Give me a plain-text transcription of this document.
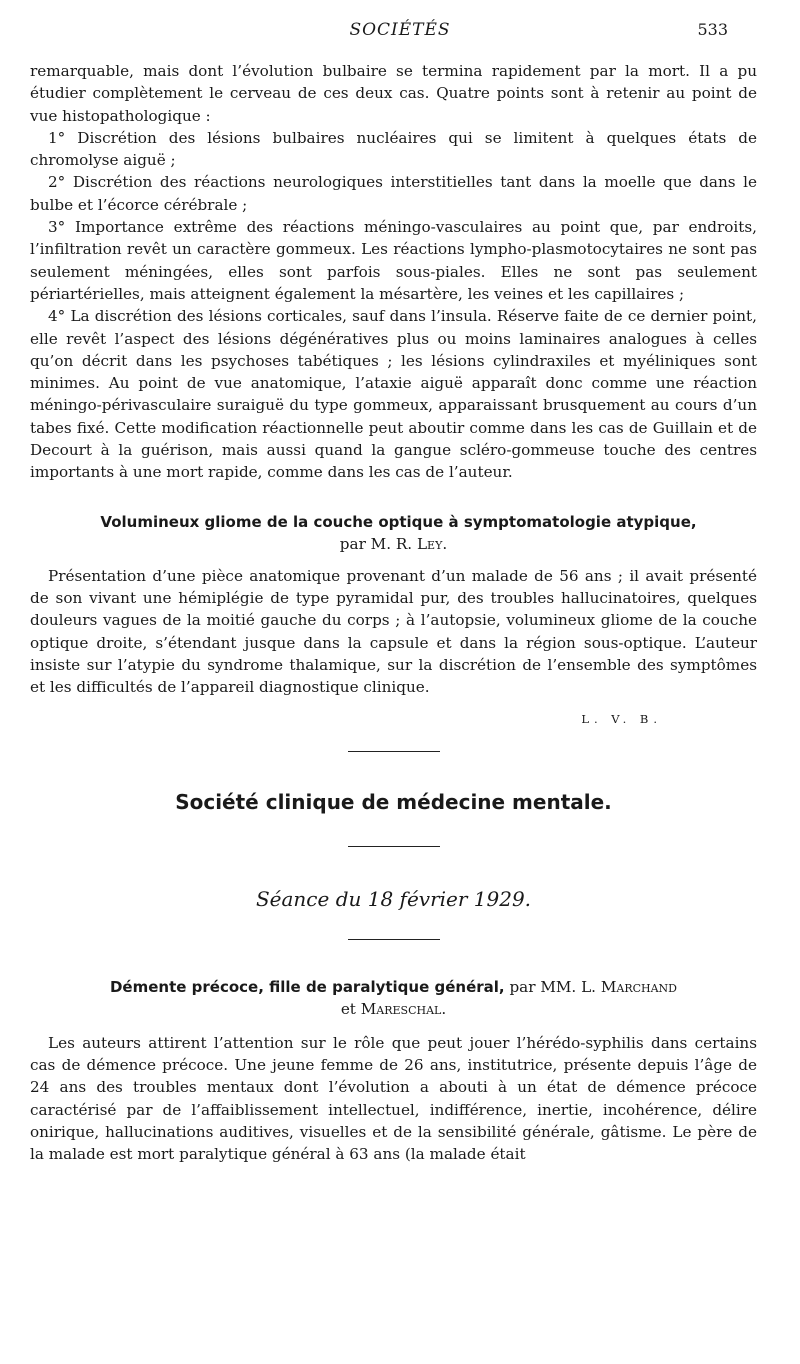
SOCIÉTÉS	533

remarquable, mais dont l’évolution bulbaire se termina rapidement par la mort. Il a pu étudier complètement le cerveau de ces deux cas. Quatre points sont à retenir au point de vue histopathologique :

1° Discrétion des lésions bulbaires nucléaires qui se limitent à quelques états de chromolyse aiguë ;

2° Discrétion des réactions neurologiques interstitielles tant dans la moelle que dans le bulbe et l’écorce cérébrale ;

3° Importance extrême des réactions méningo-vasculaires au point que, par endroits, l’infiltration revêt un caractère gommeux. Les réactions lympho-plasmotocytaires ne sont pas seulement méningées, elles sont parfois sous-piales. Elles ne sont pas seulement périartérielles, mais atteignent également la mésartère, les veines et les capillaires ;

4° La discrétion des lésions corticales, sauf dans l’insula. Réserve faite de ce dernier point, elle revêt l’aspect des lésions dégénératives plus ou moins laminaires analogues à celles qu’on décrit dans les psychoses tabétiques ; les lésions cylindraxiles et myéliniques sont minimes. Au point de vue anatomique, l’ataxie aiguë apparaît donc comme une réaction méningo-périvasculaire suraiguë du type gommeux, apparaissant brusquement au cours d’un tabes fixé. Cette modification réactionnelle peut aboutir comme dans les cas de Guillain et de Decourt à la guérison, mais aussi quand la gangue scléro-gommeuse touche des centres importants à une mort rapide, comme dans les cas de l’auteur.

Volumineux gliome de la couche optique à symptomatologie atypique,
par M. R. Ley.

Présentation d’une pièce anatomique provenant d’un malade de 56 ans ; il avait présenté de son vivant une hémiplégie de type pyramidal pur, des troubles hallucinatoires, quelques douleurs vagues de la moitié gauche du corps ; à l’autopsie, volumineux gliome de la couche optique droite, s’étendant jusque dans la capsule et dans la région sous-optique. L’auteur insiste sur l’atypie du syndrome thalamique, sur la discrétion de l’ensemble des symptômes et les difficultés de l’appareil diagnostique clinique.

L. V. B.
Société clinique de médecine mentale.
Séance du 18 février 1929.
Démente précoce, fille de paralytique général, par MM. L. Marchand
et Mareschal.

Les auteurs attirent l’attention sur le rôle que peut jouer l’hérédo-syphilis dans certains cas de démence précoce. Une jeune femme de 26 ans, institutrice, présente depuis l’âge de 24 ans des troubles mentaux dont l’évolution a abouti à un état de démence précoce caractérisé par de l’affaiblissement intellectuel, indifférence, inertie, incohérence, délire onirique, hallucinations auditives, visuelles et de la sensibilité générale, gâtisme. Le père de la malade est mort paralytique général à 63 ans (la malade était
